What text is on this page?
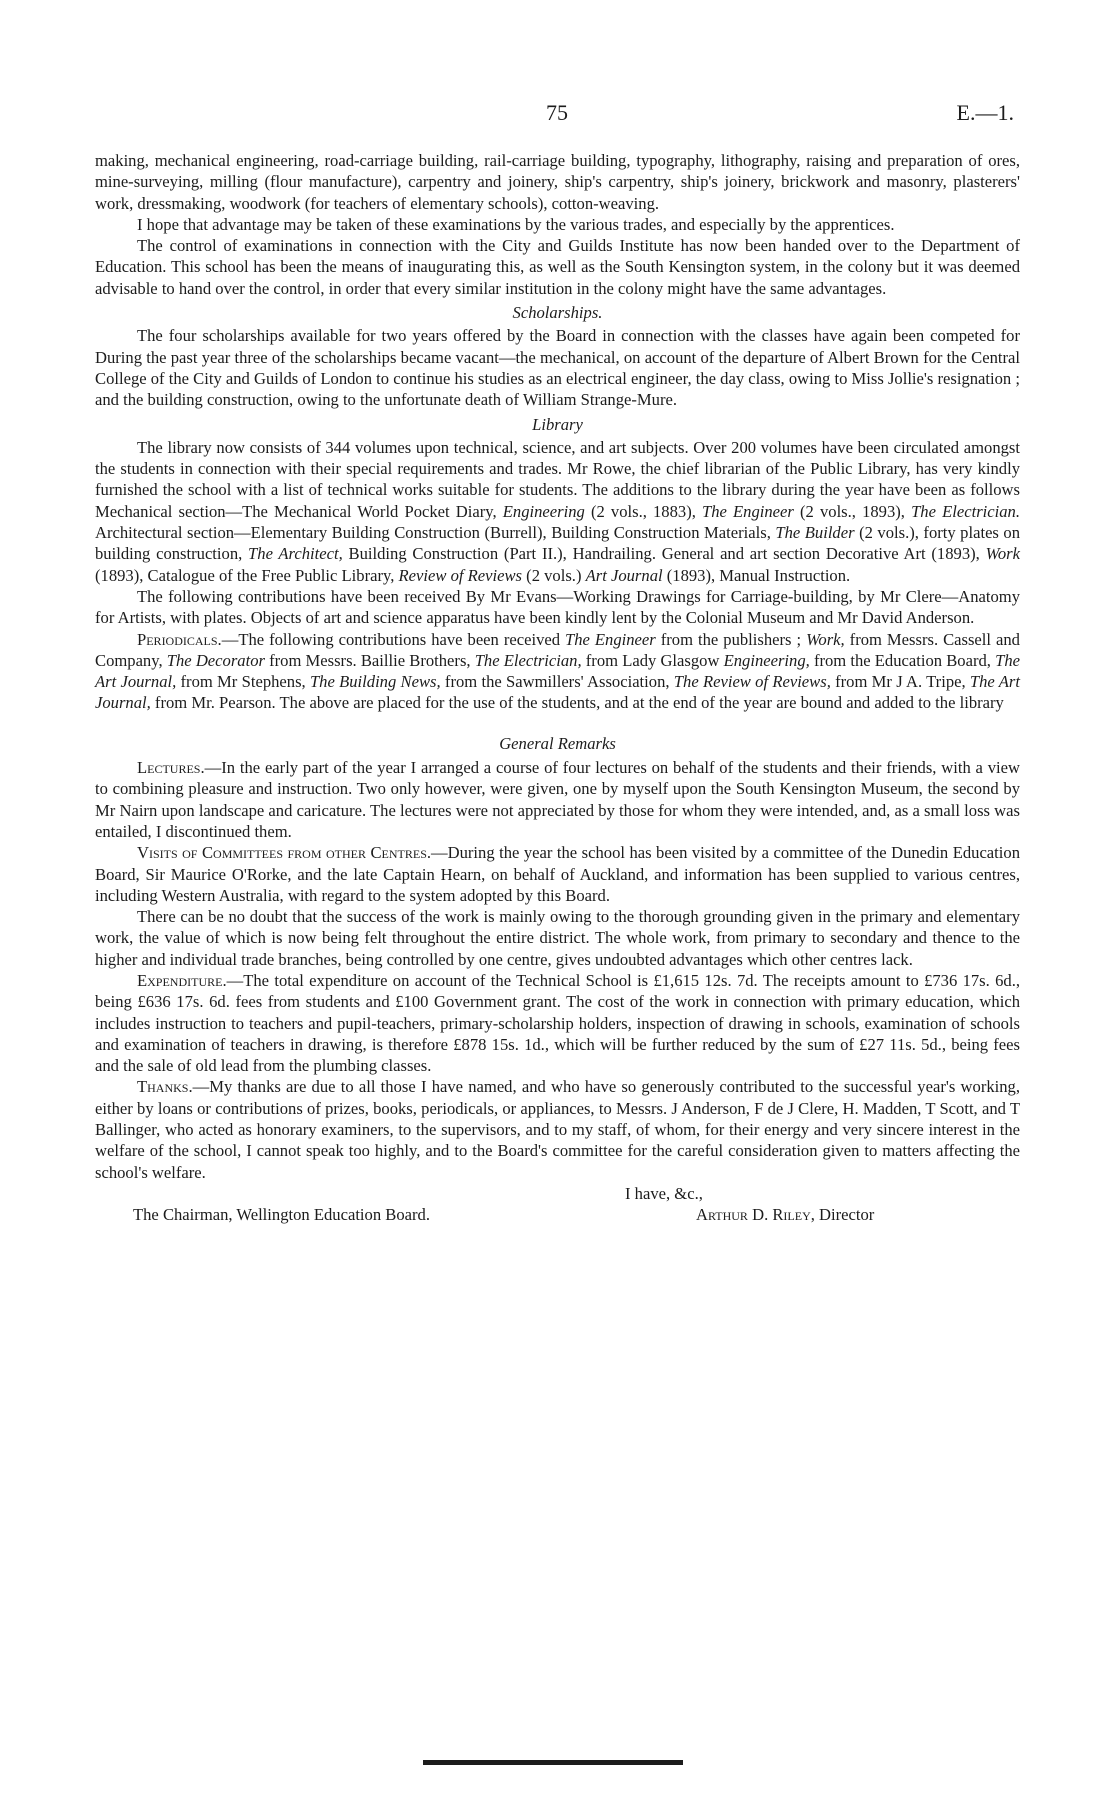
75	E.—1.

making, mechanical engineering, road-carriage building, rail-carriage building, typography, lithography, raising and preparation of ores, mine-surveying, milling (flour manufacture), carpentry and joinery, ship's carpentry, ship's joinery, brickwork and masonry, plasterers' work, dressmaking, woodwork (for teachers of elementary schools), cotton-weaving.

I hope that advantage may be taken of these examinations by the various trades, and especially by the apprentices.

The control of examinations in connection with the City and Guilds Institute has now been handed over to the Department of Education. This school has been the means of inaugurating this, as well as the South Kensington system, in the colony but it was deemed advisable to hand over the control, in order that every similar institution in the colony might have the same advantages.

Scholarships.

The four scholarships available for two years offered by the Board in connection with the classes have again been competed for During the past year three of the scholarships became vacant—the mechanical, on account of the departure of Albert Brown for the Central College of the City and Guilds of London to continue his studies as an electrical engineer, the day class, owing to Miss Jollie's resignation ; and the building construction, owing to the unfortunate death of William Strange-Mure.

Library

The library now consists of 344 volumes upon technical, science, and art subjects. Over 200 volumes have been circulated amongst the students in connection with their special requirements and trades. Mr Rowe, the chief librarian of the Public Library, has very kindly furnished the school with a list of technical works suitable for students. The additions to the library during the year have been as follows Mechanical section—The Mechanical World Pocket Diary, Engineering (2 vols., 1883), The Engineer (2 vols., 1893), The Electrician. Architectural section—Elementary Building Construction (Burrell), Building Construction Materials, The Builder (2 vols.), forty plates on building construction, The Architect, Building Construction (Part II.), Handrailing. General and art section Decorative Art (1893), Work (1893), Catalogue of the Free Public Library, Review of Reviews (2 vols.) Art Journal (1893), Manual Instruction.

The following contributions have been received By Mr Evans—Working Drawings for Carriage-building, by Mr Clere—Anatomy for Artists, with plates. Objects of art and science apparatus have been kindly lent by the Colonial Museum and Mr David Anderson.

Periodicals.—The following contributions have been received The Engineer from the publishers ; Work, from Messrs. Cassell and Company, The Decorator from Messrs. Baillie Brothers, The Electrician, from Lady Glasgow Engineering, from the Education Board, The Art Journal, from Mr Stephens, The Building News, from the Sawmillers' Association, The Review of Reviews, from Mr J A. Tripe, The Art Journal, from Mr. Pearson. The above are placed for the use of the students, and at the end of the year are bound and added to the library

General Remarks

Lectures.—In the early part of the year I arranged a course of four lectures on behalf of the students and their friends, with a view to combining pleasure and instruction. Two only however, were given, one by myself upon the South Kensington Museum, the second by Mr Nairn upon landscape and caricature. The lectures were not appreciated by those for whom they were intended, and, as a small loss was entailed, I discontinued them.

Visits of Committees from other Centres.—During the year the school has been visited by a committee of the Dunedin Education Board, Sir Maurice O'Rorke, and the late Captain Hearn, on behalf of Auckland, and information has been supplied to various centres, including Western Australia, with regard to the system adopted by this Board.

There can be no doubt that the success of the work is mainly owing to the thorough grounding given in the primary and elementary work, the value of which is now being felt throughout the entire district. The whole work, from primary to secondary and thence to the higher and individual trade branches, being controlled by one centre, gives undoubted advantages which other centres lack.

Expenditure.—The total expenditure on account of the Technical School is £1,615 12s. 7d. The receipts amount to £736 17s. 6d., being £636 17s. 6d. fees from students and £100 Government grant. The cost of the work in connection with primary education, which includes instruction to teachers and pupil-teachers, primary-scholarship holders, inspection of drawing in schools, examination of schools and examination of teachers in drawing, is therefore £878 15s. 1d., which will be further reduced by the sum of £27 11s. 5d., being fees and the sale of old lead from the plumbing classes.

Thanks.—My thanks are due to all those I have named, and who have so generously contributed to the successful year's working, either by loans or contributions of prizes, books, periodicals, or appliances, to Messrs. J Anderson, F de J Clere, H. Madden, T Scott, and T Ballinger, who acted as honorary examiners, to the supervisors, and to my staff, of whom, for their energy and very sincere interest in the welfare of the school, I cannot speak too highly, and to the Board's committee for the careful consideration given to matters affecting the school's welfare.

I have, &c.,
The Chairman, Wellington Education Board.	Arthur D. Riley, Director
